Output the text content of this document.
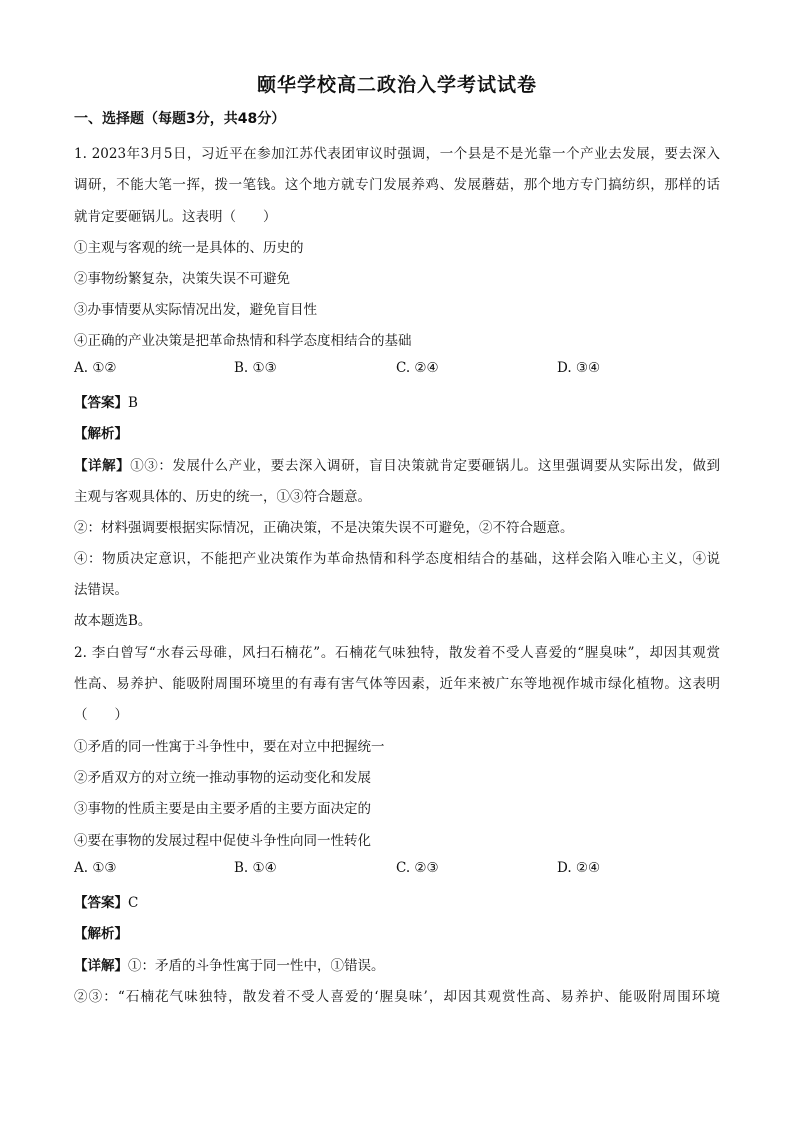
颐华学校高二政治入学考试试卷
一、选择题（每题3分，共48分）
1. 2023年3月5日，习近平在参加江苏代表团审议时强调，一个县是不是光靠一个产业去发展，要去深入
调研，不能大笔一挥，拨一笔钱。这个地方就专门发展养鸡、发展蘑菇，那个地方专门搞纺织，那样的话
就肯定要砸锅儿。这表明（　　）
①主观与客观的统一是具体的、历史的
②事物纷繁复杂，决策失误不可避免
③办事情要从实际情况出发，避免盲目性
④正确的产业决策是把革命热情和科学态度相结合的基础
A. ①②	B. ①③	C. ②④	D. ③④
【答案】B
【解析】
【详解】①③：发展什么产业，要去深入调研，盲目决策就肯定要砸锅儿。这里强调要从实际出发，做到
主观与客观具体的、历史的统一，①③符合题意。
②：材料强调要根据实际情况，正确决策，不是决策失误不可避免，②不符合题意。
④：物质决定意识，不能把产业决策作为革命热情和科学态度相结合的基础，这样会陷入唯心主义，④说
法错误。
故本题选B。
2. 李白曾写“水春云母碓，风扫石楠花”。石楠花气味独特，散发着不受人喜爱的“腥臭味”，却因其观赏
性高、易养护、能吸附周围环境里的有毒有害气体等因素，近年来被广东等地视作城市绿化植物。这表明
（　　）
①矛盾的同一性寓于斗争性中，要在对立中把握统一
②矛盾双方的对立统一推动事物的运动变化和发展
③事物的性质主要是由主要矛盾的主要方面决定的
④要在事物的发展过程中促使斗争性向同一性转化
A. ①③	B. ①④	C. ②③	D. ②④
【答案】C
【解析】
【详解】①：矛盾的斗争性寓于同一性中，①错误。
②③：“石楠花气味独特，散发着不受人喜爱的‘腥臭味’，却因其观赏性高、易养护、能吸附周围环境
